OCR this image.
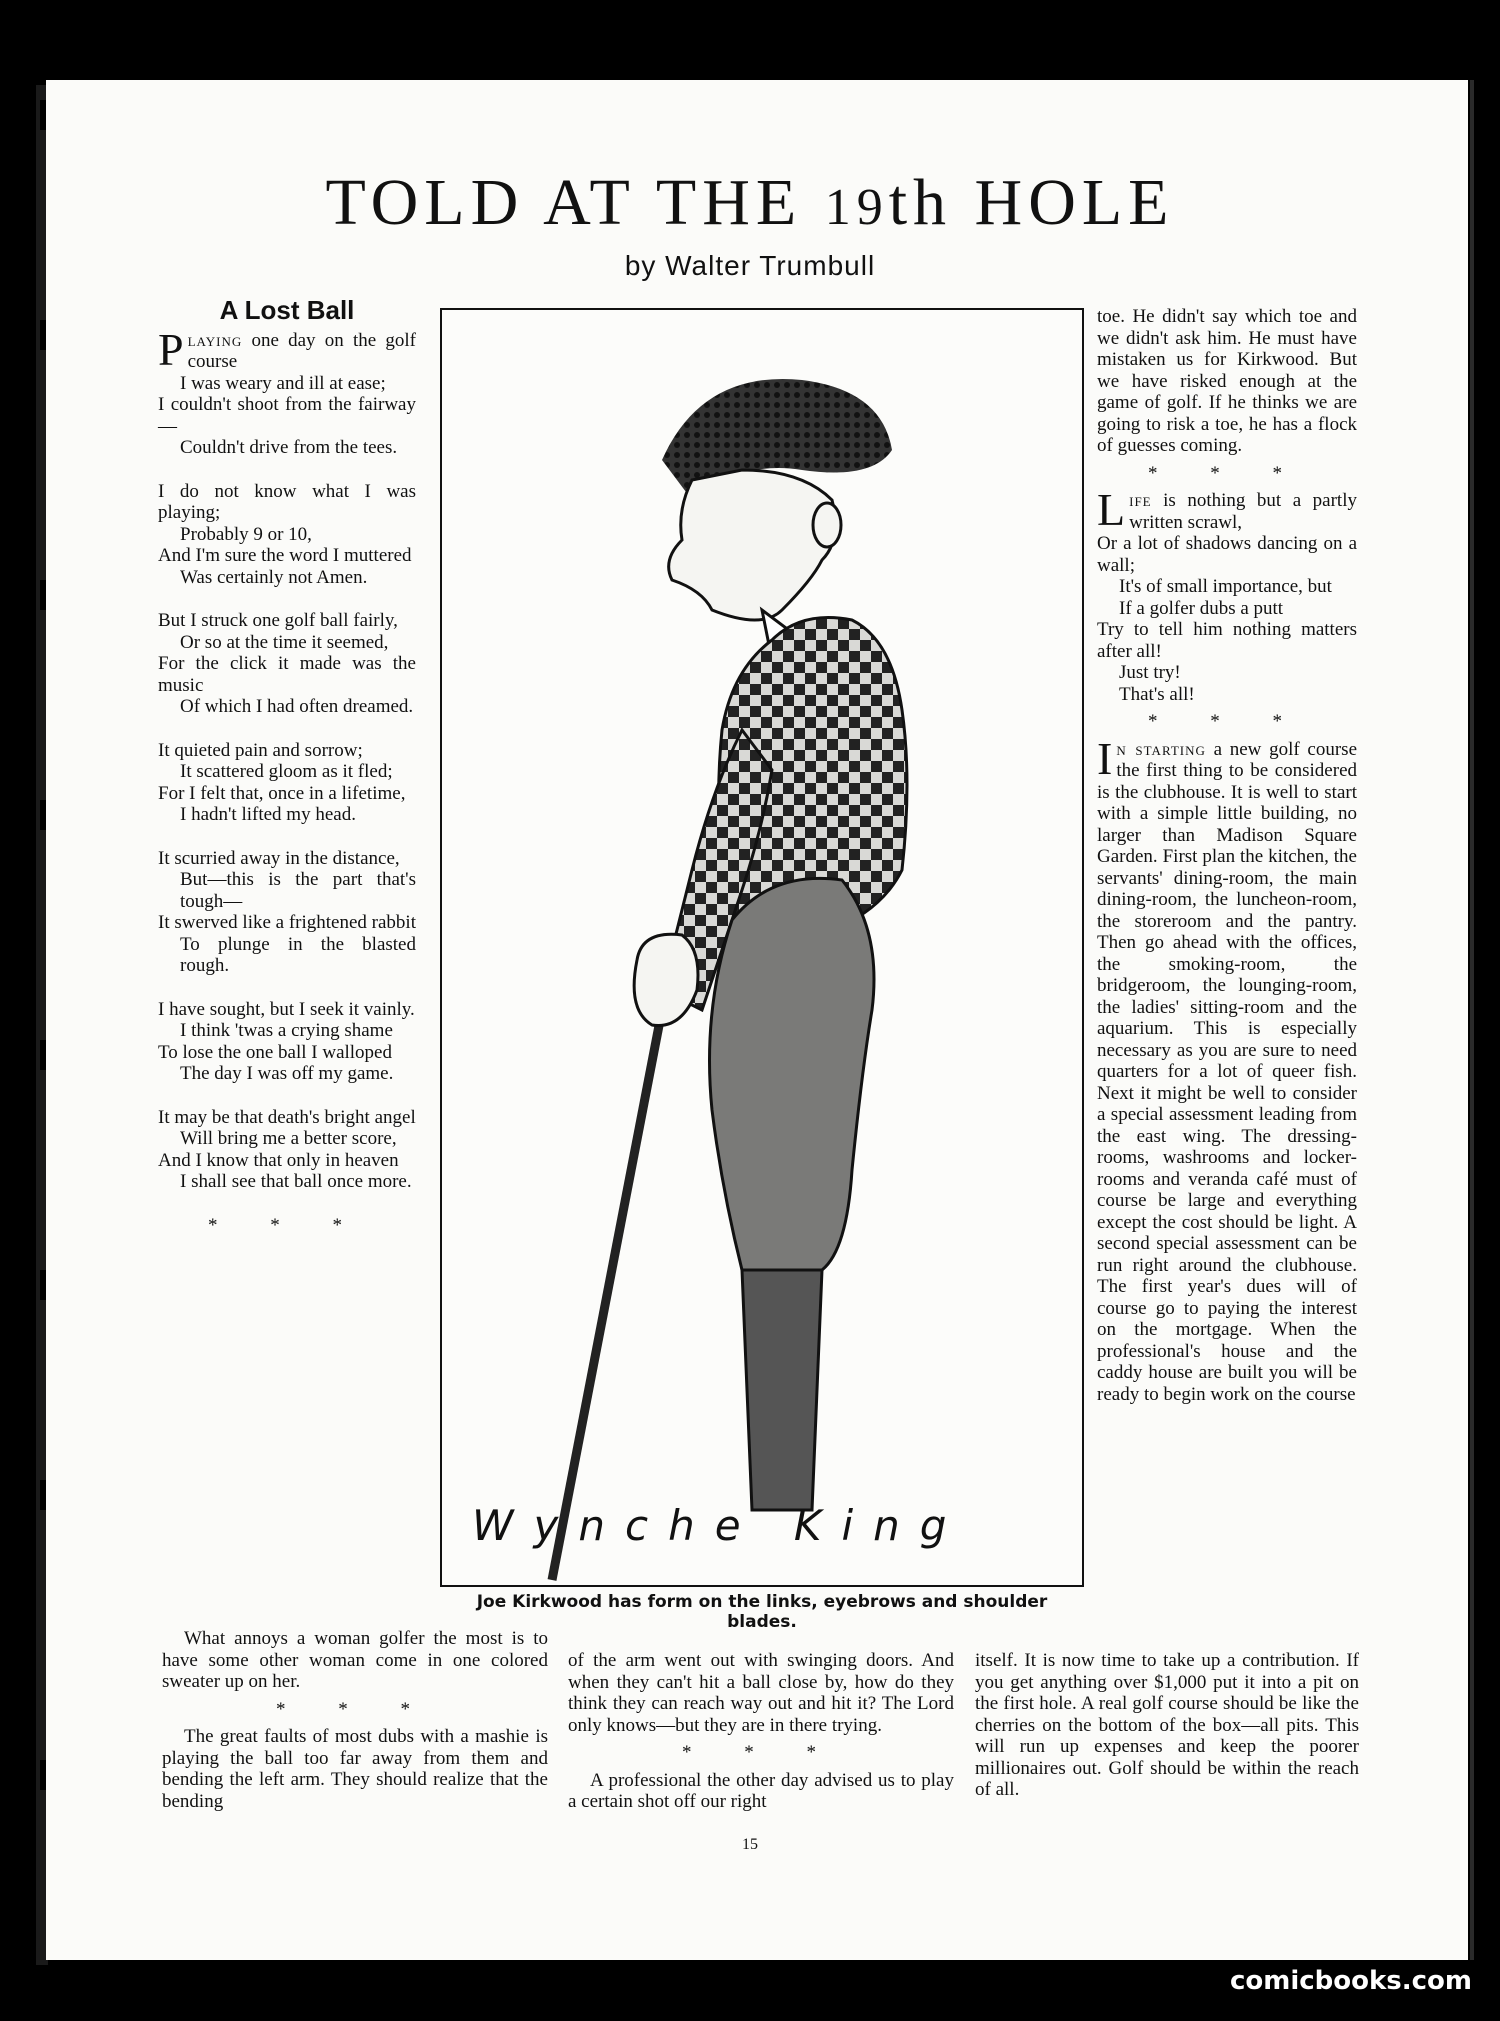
TOLD AT THE 19th HOLE
by Walter Trumbull
A Lost Ball

Playing one day on the golf course

I was weary and ill at ease;

I couldn't shoot from the fairway—

Couldn't drive from the tees.

I do not know what I was playing;

Probably 9 or 10,

And I'm sure the word I muttered

Was certainly not Amen.

But I struck one golf ball fairly,

Or so at the time it seemed,

For the click it made was the music

Of which I had often dreamed.

It quieted pain and sorrow;

It scattered gloom as it fled;

For I felt that, once in a lifetime,

I hadn't lifted my head.

It scurried away in the distance,

But—this is the part that's tough—

It swerved like a frightened rabbit

To plunge in the blasted rough.

I have sought, but I seek it vainly.

I think 'twas a crying shame

To lose the one ball I walloped

The day I was off my game.

It may be that death's bright angel

Will bring me a better score,

And I know that only in heaven

I shall see that ball once more.

* * *

What annoys a woman golfer the most is to have some other woman come in one colored sweater up on her.

* * *

The great faults of most dubs with a mashie is playing the ball too far away from them and bending the left arm. They should realize that the bending

of the arm went out with swinging doors. And when they can't hit a ball close by, how do they think they can reach way out and hit it? The Lord only knows—but they are in there trying.

* * *

A professional the other day advised us to play a certain shot off our right

itself. It is now time to take up a contribution. If you get anything over $1,000 put it into a pit on the first hole. A real golf course should be like the cherries on the bottom of the box—all pits. This will run up expenses and keep the poorer millionaires out. Golf should be within the reach of all.

toe. He didn't say which toe and we didn't ask him. He must have mistaken us for Kirkwood. But we have risked enough at the game of golf. If he thinks we are going to risk a toe, he has a flock of guesses coming.

* * *
Life is nothing but a partly written scrawl,
Or a lot of shadows dancing on a wall;
It's of small importance, but
If a golfer dubs a putt
Try to tell him nothing matters after all!
Just try!
That's all!
* * *

In starting a new golf course the first thing to be considered is the clubhouse. It is well to start with a simple little building, no larger than Madison Square Garden. First plan the kitchen, the servants' dining-room, the main dining-room, the luncheon-room, the storeroom and the pantry. Then go ahead with the offices, the smoking-room, the bridgeroom, the lounging-room, the ladies' sitting-room and the aquarium. This is especially necessary as you are sure to need quarters for a lot of queer fish. Next it might be well to consider a special assessment leading from the east wing. The dressing-rooms, washrooms and locker-rooms and veranda café must of course be large and everything except the cost should be light. A second special assessment can be run right around the clubhouse. The first year's dues will of course go to paying the interest on the mortgage. When the professional's house and the caddy house are built you will be ready to begin work on the course

Wynche King
Joe Kirkwood has form on the links, eyebrows and shoulder blades.
15
comicbooks.com
